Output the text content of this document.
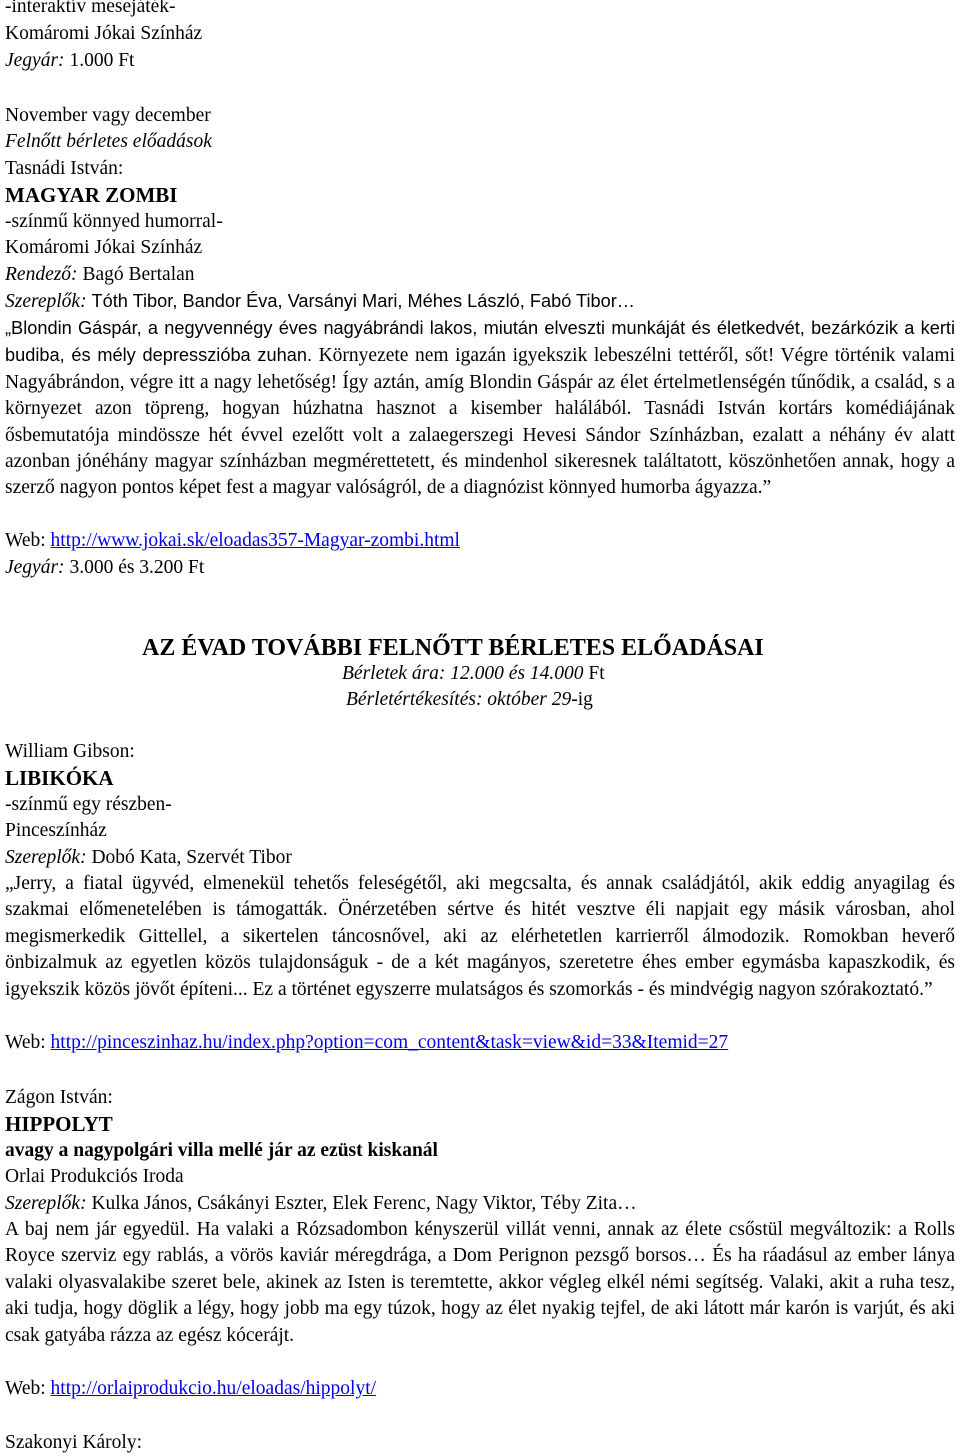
-interaktív mesejáték-
Komáromi Jókai Színház
Jegyár: 1.000 Ft
November vagy december
Felnőtt bérletes előadások
Tasnádi István:
MAGYAR ZOMBI
-színmű könnyed humorral-
Komáromi Jókai Színház
Rendező: Bagó Bertalan
Szereplők: Tóth Tibor, Bandor Éva, Varsányi Mari, Méhes László, Fabó Tibor…
„Blondin Gáspár, a negyvennégy éves nagyábrándi lakos, miután elveszti munkáját és életkedvét, bezárkózik a kerti budiba, és mély depresszióba zuhan. Környezete nem igazán igyekszik lebeszélni tettéről, sőt! Végre történik valami Nagyábrándon, végre itt a nagy lehetőség! Így aztán, amíg Blondin Gáspár az élet értelmetlenségén tűnődik, a család, s a környezet azon töpreng, hogyan húzhatna hasznot a kisember halálából. Tasnádi István kortárs komédiájának ősbemutatója mindössze hét évvel ezelőtt volt a zalaegerszegi Hevesi Sándor Színházban, ezalatt a néhány év alatt azonban jónéhány magyar színházban megmérettetett, és mindenhol sikeresnek találtatott, köszönhetően annak, hogy a szerző nagyon pontos képet fest a magyar valóságról, de a diagnózist könnyed humorba ágyazza.”
Web: http://www.jokai.sk/eloadas357-Magyar-zombi.html
Jegyár: 3.000 és 3.200 Ft
AZ ÉVAD TOVÁBBI FELNŐTT BÉRLETES ELŐADÁSAI
Bérletek ára: 12.000 és 14.000 Ft
Bérletértékesítés: október 29-ig
William Gibson:
LIBIKÓKA
-színmű egy részben-
Pinceszínház
Szereplők: Dobó Kata, Szervét Tibor
„Jerry, a fiatal ügyvéd, elmenekül tehetős feleségétől, aki megcsalta, és annak családjától, akik eddig anyagilag és szakmai előmenetelében is támogatták. Önérzetében sértve és hitét vesztve éli napjait egy másik városban, ahol megismerkedik Gittellel, a sikertelen táncosnővel, aki az elérhetetlen karrierről álmodozik. Romokban heverő önbizalmuk az egyetlen közös tulajdonságuk - de a két magányos, szeretetre éhes ember egymásba kapaszkodik, és igyekszik közös jövőt építeni... Ez a történet egyszerre mulatságos és szomorkás - és mindvégig nagyon szórakoztató.”
Web: http://pinceszinhaz.hu/index.php?option=com_content&task=view&id=33&Itemid=27
Zágon István:
HIPPOLYT
avagy a nagypolgári villa mellé jár az ezüst kiskanál
Orlai Produkciós Iroda
Szereplők: Kulka János, Csákányi Eszter, Elek Ferenc, Nagy Viktor, Téby Zita…
A baj nem jár egyedül. Ha valaki a Rózsadombon kényszerül villát venni, annak az élete csőstül megváltozik: a Rolls Royce szerviz egy rablás, a vörös kaviár méregdrága, a Dom Perignon pezsgő borsos… És ha ráadásul az ember lánya valaki olyasvalakibe szeret bele, akinek az Isten is teremtette, akkor végleg elkél némi segítség. Valaki, akit a ruha tesz, aki tudja, hogy döglik a légy, hogy jobb ma egy túzok, hogy az élet nyakig tejfel, de aki látott már karón is varjút, és aki csak gatyába rázza az egész kócerájt.
Web: http://orlaiprodukcio.hu/eloadas/hippolyt/
Szakonyi Károly:
